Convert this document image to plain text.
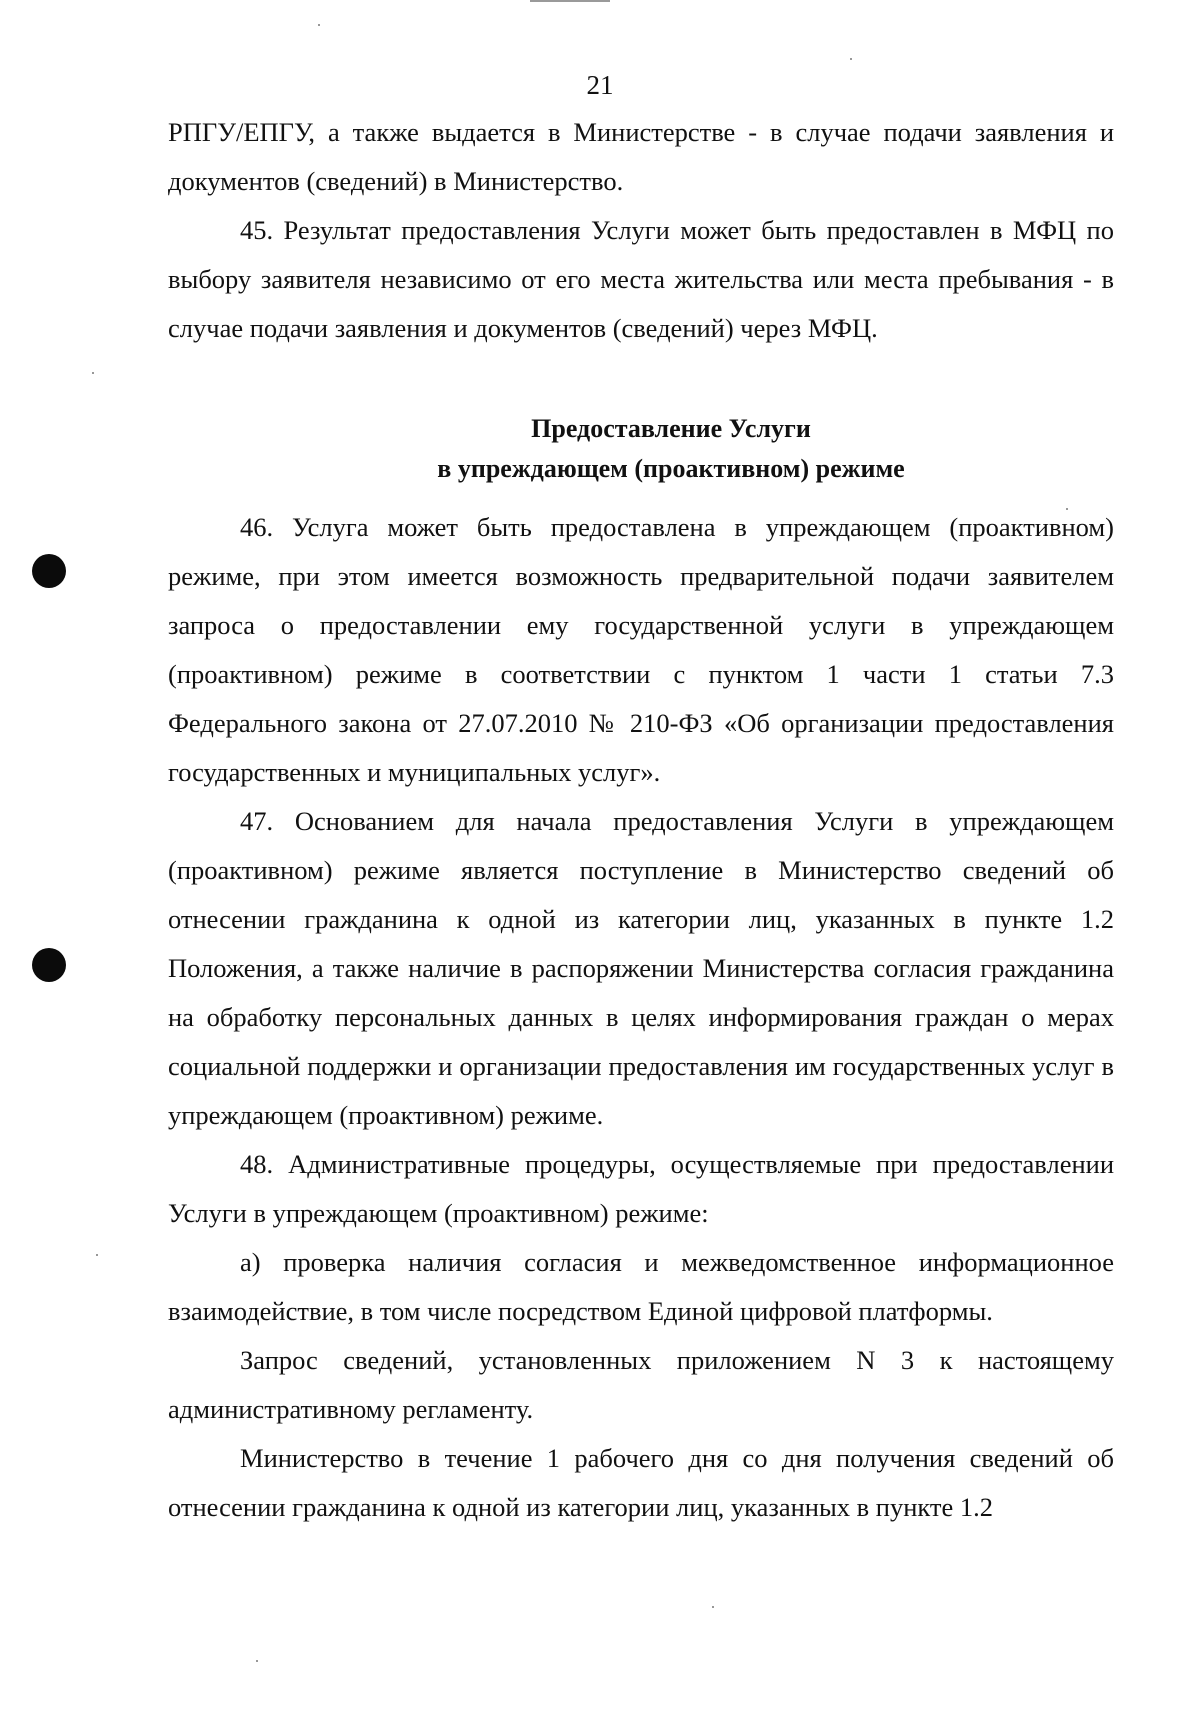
21

РПГУ/ЕПГУ, а также выдается в Министерстве - в случае подачи заявления и документов (сведений) в Министерство.

45. Результат предоставления Услуги может быть предоставлен в МФЦ по выбору заявителя независимо от его места жительства или места пребывания - в случае подачи заявления и документов (сведений) через МФЦ.

Предоставление Услуги
в упреждающем (проактивном) режиме

46. Услуга может быть предоставлена в упреждающем (проактивном) режиме, при этом имеется возможность предварительной подачи заявителем запроса о предоставлении ему государственной услуги в упреждающем (проактивном) режиме в соответствии с пунктом 1 части 1 статьи 7.3 Федерального закона от 27.07.2010 № 210-ФЗ «Об организации предоставления государственных и муниципальных услуг».

47. Основанием для начала предоставления Услуги в упреждающем (проактивном) режиме является поступление в Министерство сведений об отнесении гражданина к одной из категории лиц, указанных в пункте 1.2 Положения, а также наличие в распоряжении Министерства согласия гражданина на обработку персональных данных в целях информирования граждан о мерах социальной поддержки и организации предоставления им государственных услуг в упреждающем (проактивном) режиме.

48. Административные процедуры, осуществляемые при предоставлении Услуги в упреждающем (проактивном) режиме:

а) проверка наличия согласия и межведомственное информационное взаимодействие, в том числе посредством Единой цифровой платформы.

Запрос сведений, установленных приложением N 3 к настоящему административному регламенту.

Министерство в течение 1 рабочего дня со дня получения сведений об отнесении гражданина к одной из категории лиц, указанных в пункте 1.2
